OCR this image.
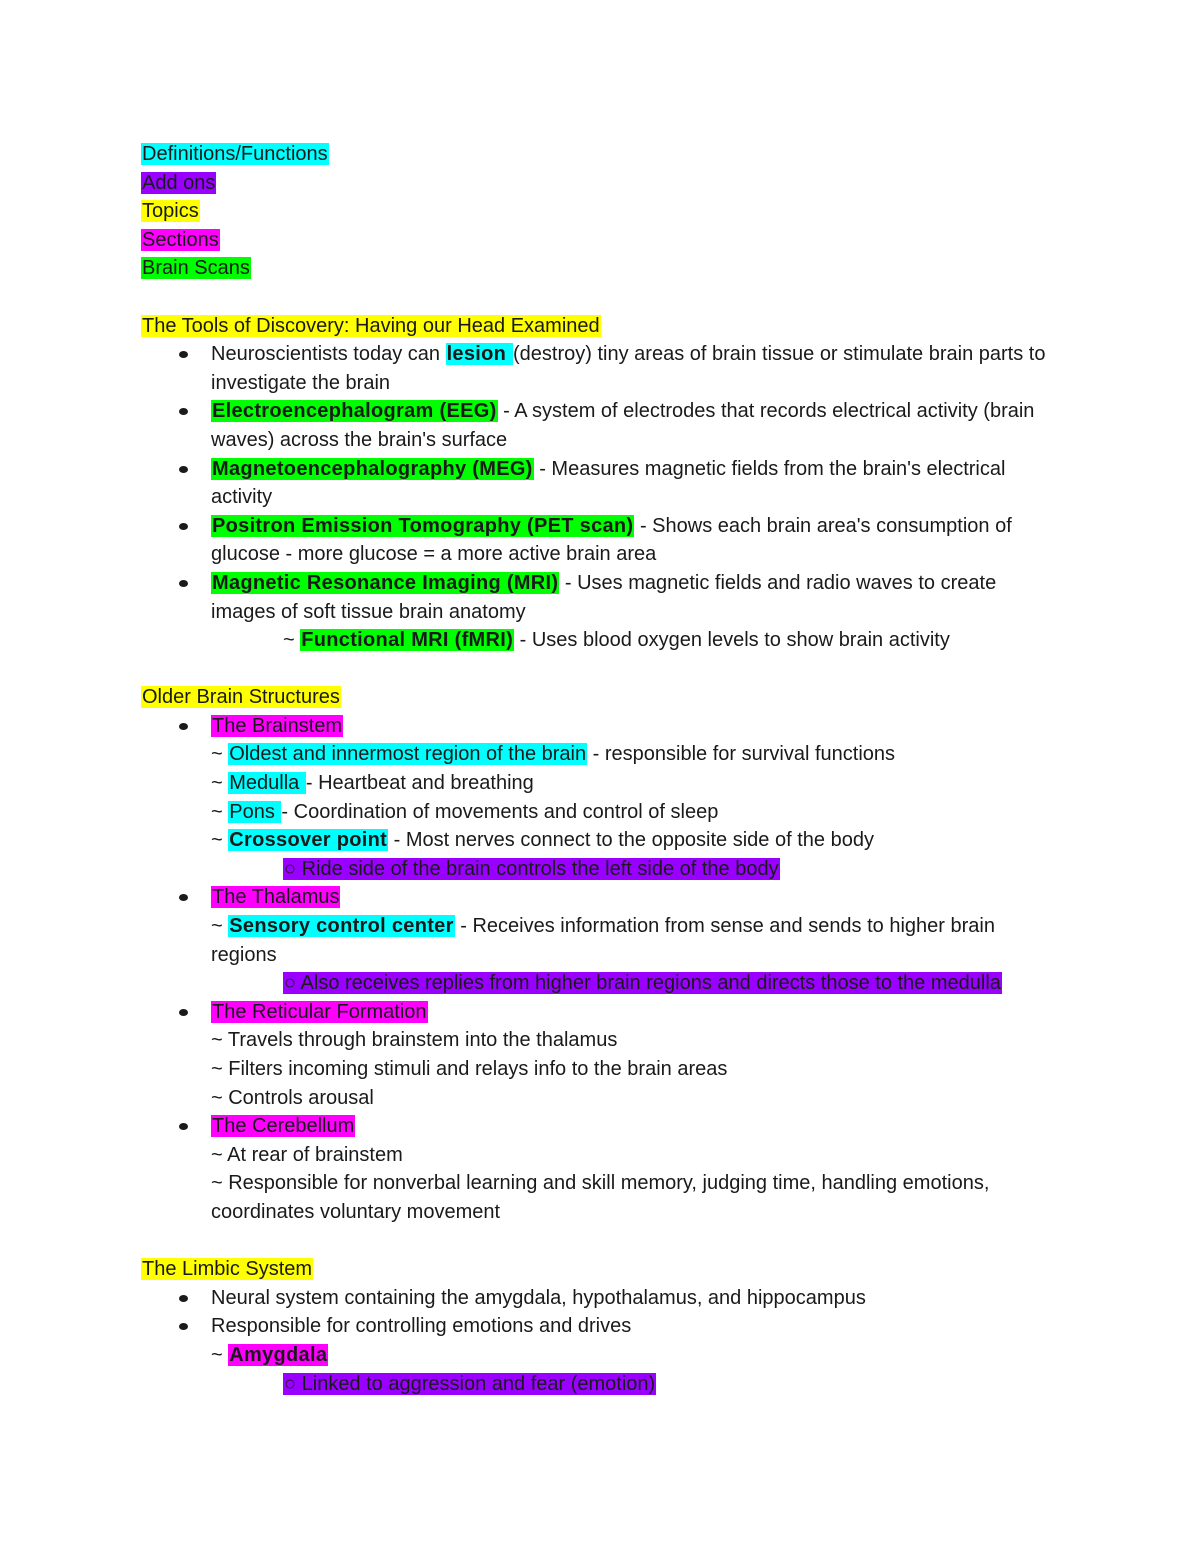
Definitions/Functions
Add ons
Topics
Sections
Brain Scans
The Tools of Discovery: Having our Head Examined
Neuroscientists today can lesion (destroy) tiny areas of brain tissue or stimulate brain parts to investigate the brain
Electroencephalogram (EEG) - A system of electrodes that records electrical activity (brain waves) across the brain's surface
Magnetoencephalography (MEG) - Measures magnetic fields from the brain's electrical activity
Positron Emission Tomography (PET scan) - Shows each brain area's consumption of glucose - more glucose = a more active brain area
Magnetic Resonance Imaging (MRI) - Uses magnetic fields and radio waves to create images of soft tissue brain anatomy
~ Functional MRI (fMRI) - Uses blood oxygen levels to show brain activity
Older Brain Structures
The Brainstem
~ Oldest and innermost region of the brain - responsible for survival functions
~ Medulla - Heartbeat and breathing
~ Pons - Coordination of movements and control of sleep
~ Crossover point - Most nerves connect to the opposite side of the body
○ Ride side of the brain controls the left side of the body
The Thalamus
~ Sensory control center - Receives information from sense and sends to higher brain regions
○ Also receives replies from higher brain regions and directs those to the medulla
The Reticular Formation
~ Travels through brainstem into the thalamus
~ Filters incoming stimuli and relays info to the brain areas
~ Controls arousal
The Cerebellum
~ At rear of brainstem
~ Responsible for nonverbal learning and skill memory, judging time, handling emotions, coordinates voluntary movement
The Limbic System
Neural system containing the amygdala, hypothalamus, and hippocampus
Responsible for controlling emotions and drives
~ Amygdala
○ Linked to aggression and fear (emotion)
